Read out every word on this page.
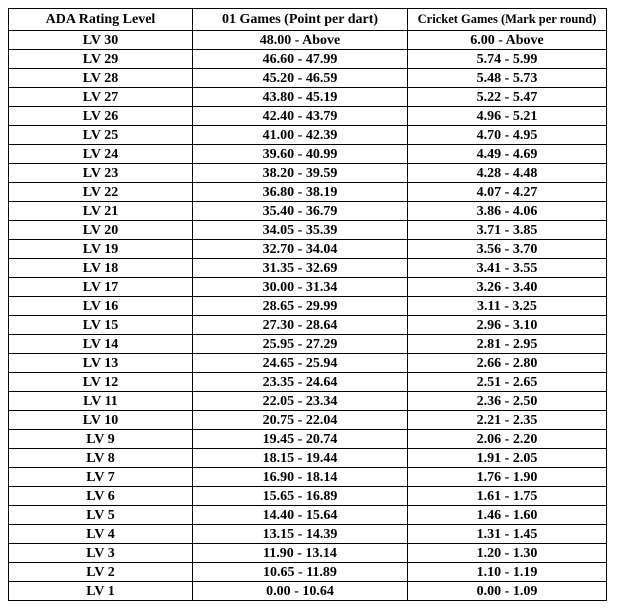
ADA Rating Level	01 Games (Point per dart)	Cricket Games (Mark per round)
LV 30	48.00 - Above	6.00 - Above
LV 29	46.60 - 47.99	5.74 - 5.99
LV 28	45.20 - 46.59	5.48 - 5.73
LV 27	43.80 - 45.19	5.22 - 5.47
LV 26	42.40 - 43.79	4.96 - 5.21
LV 25	41.00 - 42.39	4.70 - 4.95
LV 24	39.60 - 40.99	4.49 - 4.69
LV 23	38.20 - 39.59	4.28 - 4.48
LV 22	36.80 - 38.19	4.07 - 4.27
LV 21	35.40 - 36.79	3.86 - 4.06
LV 20	34.05 - 35.39	3.71 - 3.85
LV 19	32.70 - 34.04	3.56 - 3.70
LV 18	31.35 - 32.69	3.41 - 3.55
LV 17	30.00 - 31.34	3.26 - 3.40
LV 16	28.65 - 29.99	3.11 - 3.25
LV 15	27.30 - 28.64	2.96 - 3.10
LV 14	25.95 - 27.29	2.81 - 2.95
LV 13	24.65 - 25.94	2.66 - 2.80
LV 12	23.35 - 24.64	2.51 - 2.65
LV 11	22.05 - 23.34	2.36 - 2.50
LV 10	20.75 - 22.04	2.21 - 2.35
LV 9	19.45 - 20.74	2.06 - 2.20
LV 8	18.15 - 19.44	1.91 - 2.05
LV 7	16.90 - 18.14	1.76 - 1.90
LV 6	15.65 - 16.89	1.61 - 1.75
LV 5	14.40 - 15.64	1.46 - 1.60
LV 4	13.15 - 14.39	1.31 - 1.45
LV 3	11.90 - 13.14	1.20 - 1.30
LV 2	10.65 - 11.89	1.10 - 1.19
LV 1	0.00 - 10.64	0.00 - 1.09
